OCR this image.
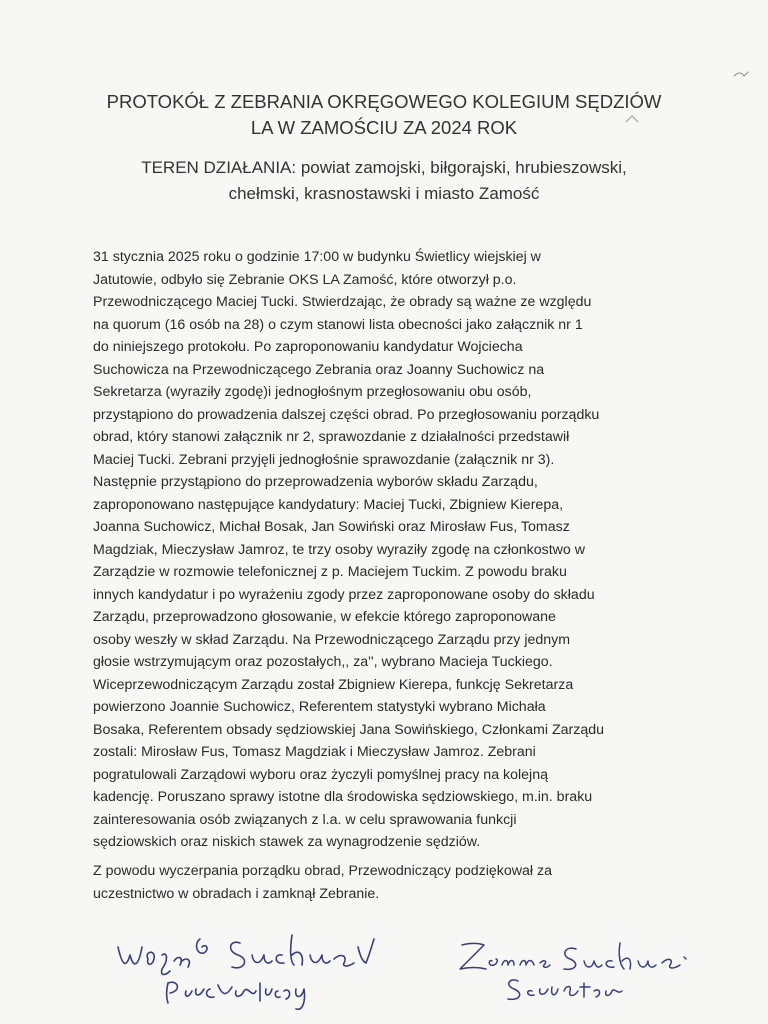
PROTOKÓŁ Z ZEBRANIA OKRĘGOWEGO KOLEGIUM SĘDZIÓW
LA W ZAMOŚCIU ZA 2024 ROK
TEREN DZIAŁANIA: powiat zamojski, biłgorajski, hrubieszowski,
chełmski, krasnostawski i miasto Zamość
31 stycznia 2025 roku o godzinie 17:00 w budynku Świetlicy wiejskiej w
Jatutowie, odbyło się Zebranie OKS LA Zamość, które otworzył p.o.
Przewodniczącego Maciej Tucki. Stwierdzając, że obrady są ważne ze względu
na quorum (16 osób na 28) o czym stanowi lista obecności jako załącznik nr 1
do niniejszego protokołu. Po zaproponowaniu kandydatur Wojciecha
Suchowicza na Przewodniczącego Zebrania oraz Joanny Suchowicz na
Sekretarza (wyraziły zgodę)i jednogłośnym przegłosowaniu obu osób,
przystąpiono do prowadzenia dalszej części obrad. Po przegłosowaniu porządku
obrad, który stanowi załącznik nr 2, sprawozdanie z działalności przedstawił
Maciej Tucki. Zebrani przyjęli jednogłośnie sprawozdanie (załącznik nr 3).
Następnie przystąpiono do przeprowadzenia wyborów składu Zarządu,
zaproponowano następujące kandydatury: Maciej Tucki, Zbigniew Kierepa,
Joanna Suchowicz, Michał Bosak, Jan Sowiński oraz Mirosław Fus, Tomasz
Magdziak, Mieczysław Jamroz, te trzy osoby wyraziły zgodę na członkostwo w
Zarządzie w rozmowie telefonicznej z p. Maciejem Tuckim. Z powodu braku
innych kandydatur i po wyrażeniu zgody przez zaproponowane osoby do składu
Zarządu, przeprowadzono głosowanie, w efekcie którego zaproponowane
osoby weszły w skład Zarządu. Na Przewodniczącego Zarządu przy jednym
głosie wstrzymującym oraz pozostałych,, za'', wybrano Macieja Tuckiego.
Wiceprzewodniczącym Zarządu został Zbigniew Kierepa, funkcję Sekretarza
powierzono Joannie Suchowicz, Referentem statystyki wybrano Michała
Bosaka, Referentem obsady sędziowskiej Jana Sowińskiego, Członkami Zarządu
zostali: Mirosław Fus, Tomasz Magdziak i Mieczysław Jamroz. Zebrani
pogratulowali Zarządowi wyboru oraz życzyli pomyślnej pracy na kolejną
kadencję. Poruszano sprawy istotne dla środowiska sędziowskiego, m.in. braku
zainteresowania osób związanych z l.a. w celu sprawowania funkcji
sędziowskich oraz niskich stawek za wynagrodzenie sędziów.
Z powodu wyczerpania porządku obrad, Przewodniczący podziękował za
uczestnictwo w obradach i zamknął Zebranie.
